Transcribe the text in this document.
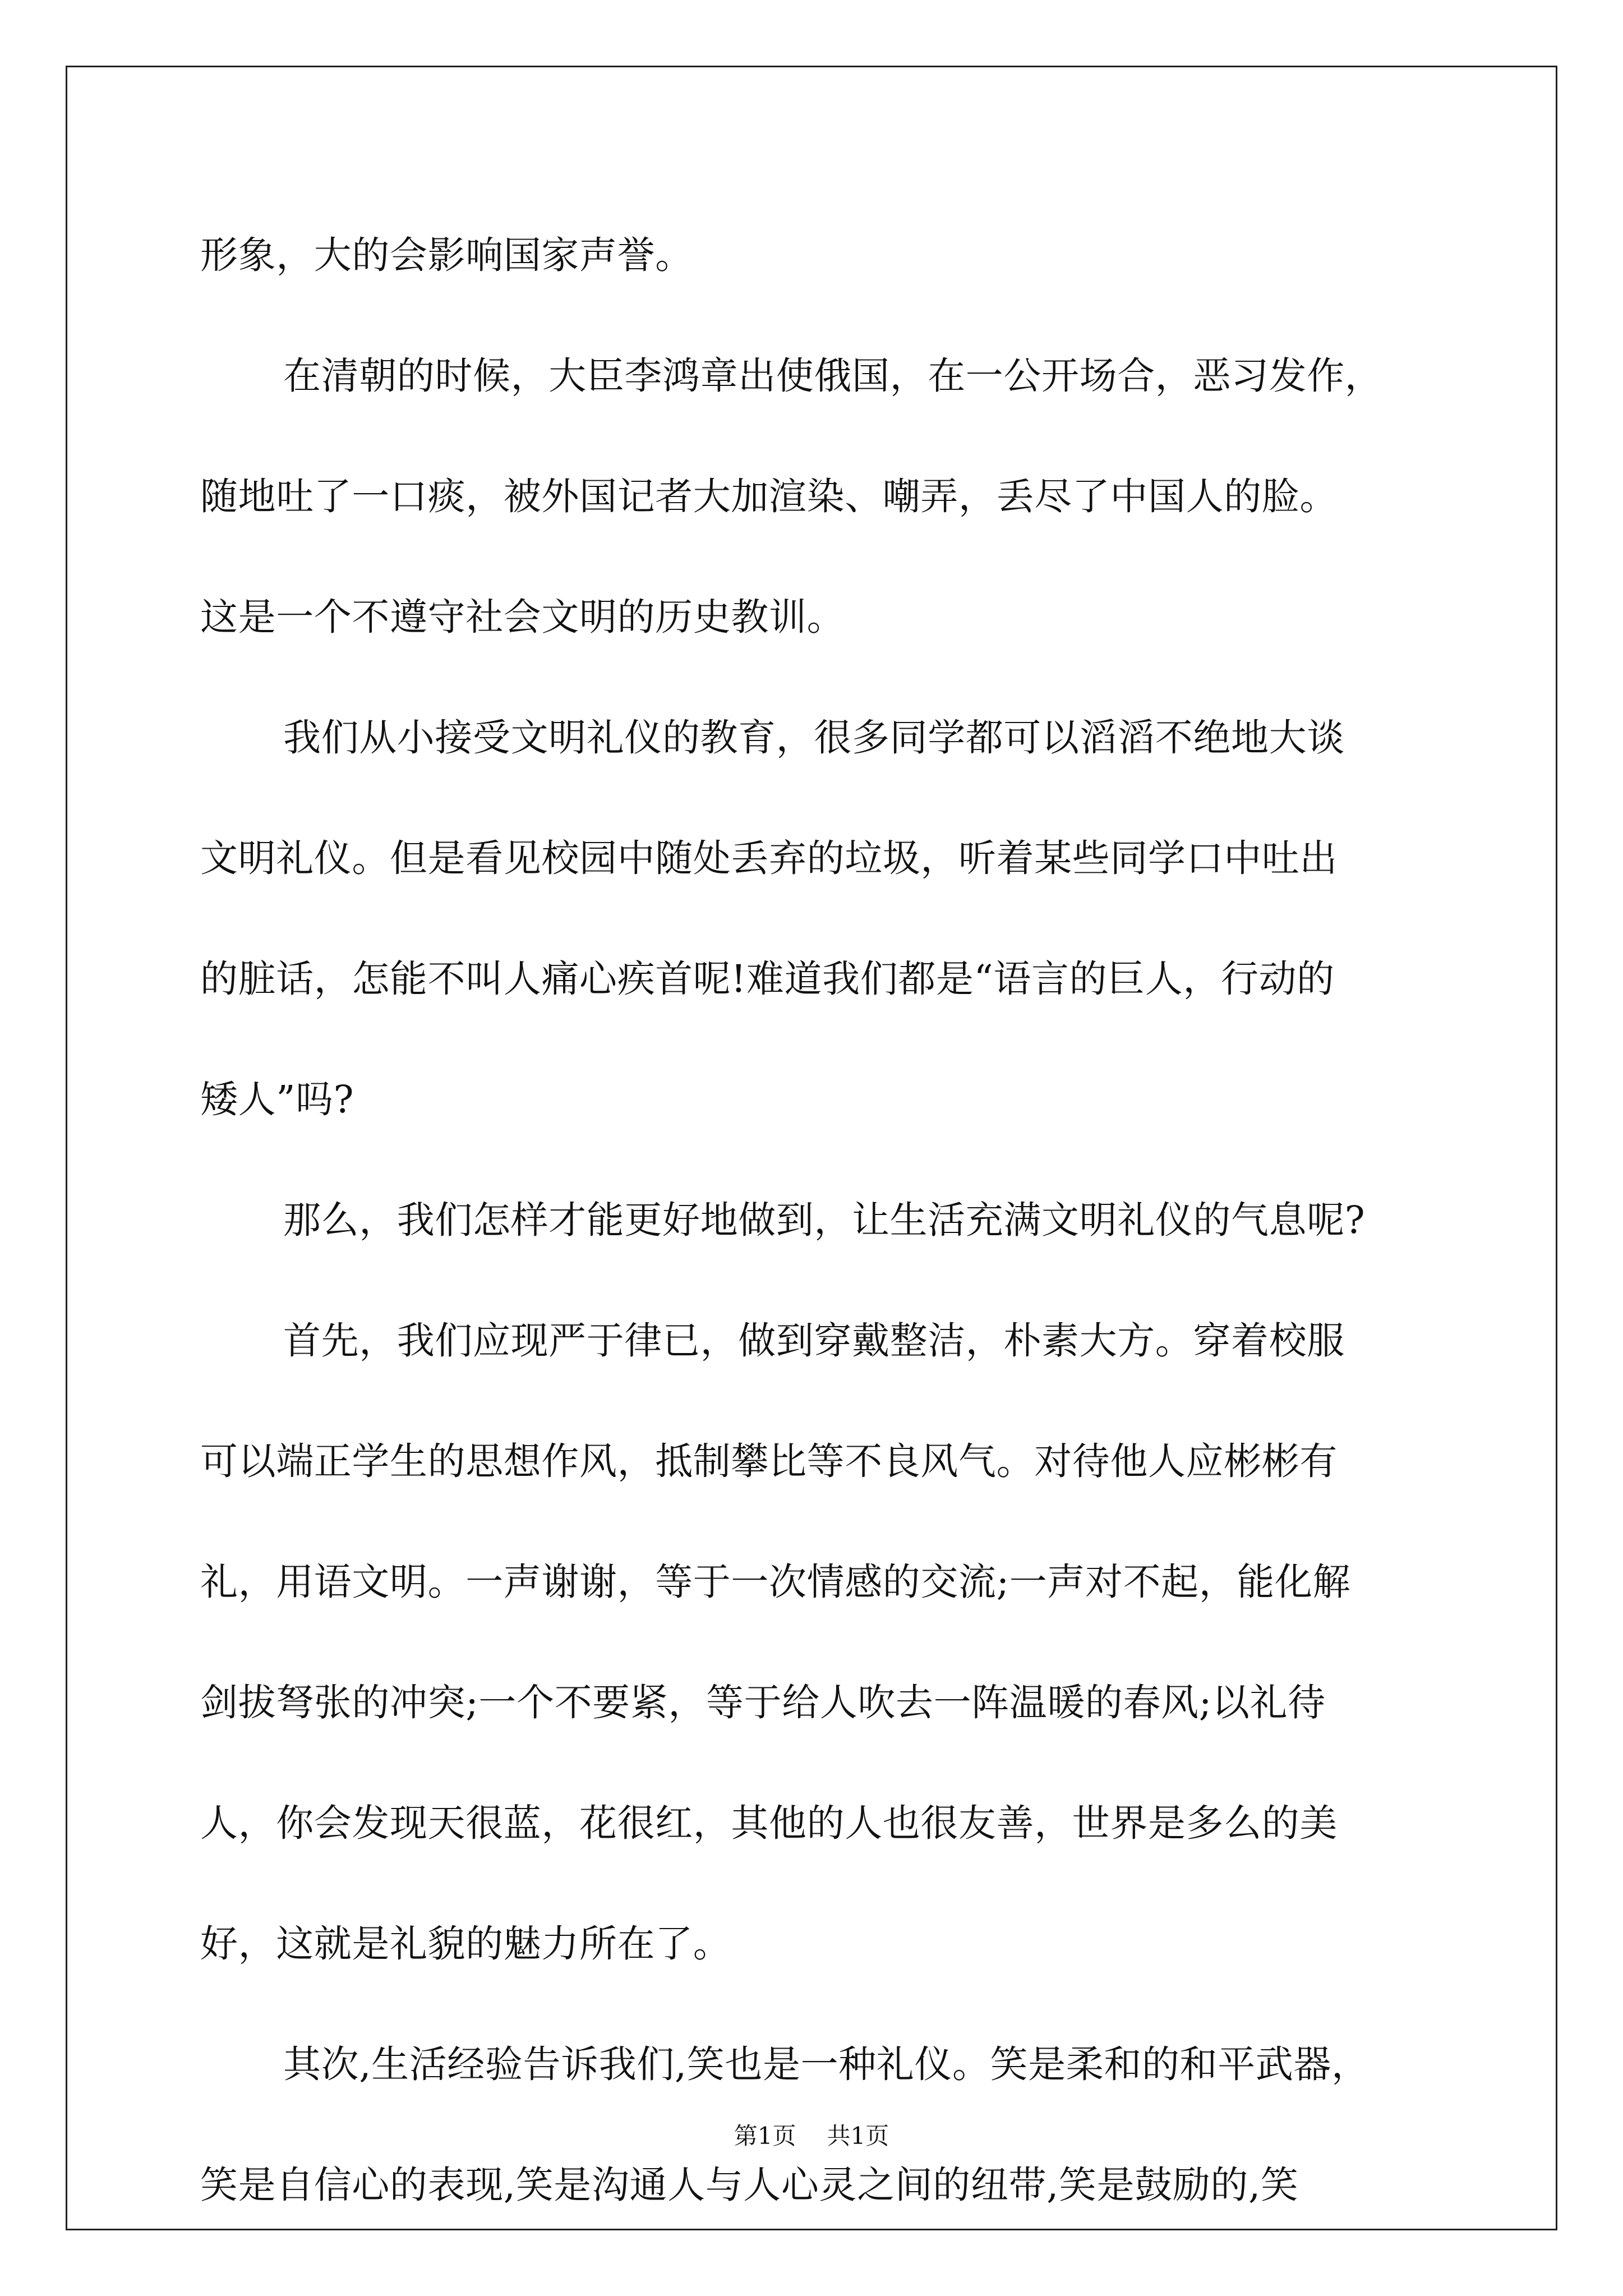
形象，大的会影响国家声誉。
在清朝的时候，大臣李鸿章出使俄国，在一公开场合，恶习发作，
随地吐了一口痰，被外国记者大加渲染、嘲弄，丢尽了中国人的脸。
这是一个不遵守社会文明的历史教训。
我们从小接受文明礼仪的教育，很多同学都可以滔滔不绝地大谈
文明礼仪。但是看见校园中随处丢弃的垃圾，听着某些同学口中吐出
的脏话，怎能不叫人痛心疾首呢!难道我们都是“语言的巨人，行动的
矮人”吗?
那么，我们怎样才能更好地做到，让生活充满文明礼仪的气息呢?
首先，我们应现严于律已，做到穿戴整洁，朴素大方。穿着校服
可以端正学生的思想作风，抵制攀比等不良风气。对待他人应彬彬有
礼，用语文明。一声谢谢，等于一次情感的交流;一声对不起，能化解
剑拔弩张的冲突;一个不要紧，等于给人吹去一阵温暖的春风;以礼待
人，你会发现天很蓝，花很红，其他的人也很友善，世界是多么的美
好，这就是礼貌的魅力所在了。
其次,生活经验告诉我们,笑也是一种礼仪。笑是柔和的和平武器，
笑是自信心的表现,笑是沟通人与人心灵之间的纽带,笑是鼓励的,笑
第1页 共1页
